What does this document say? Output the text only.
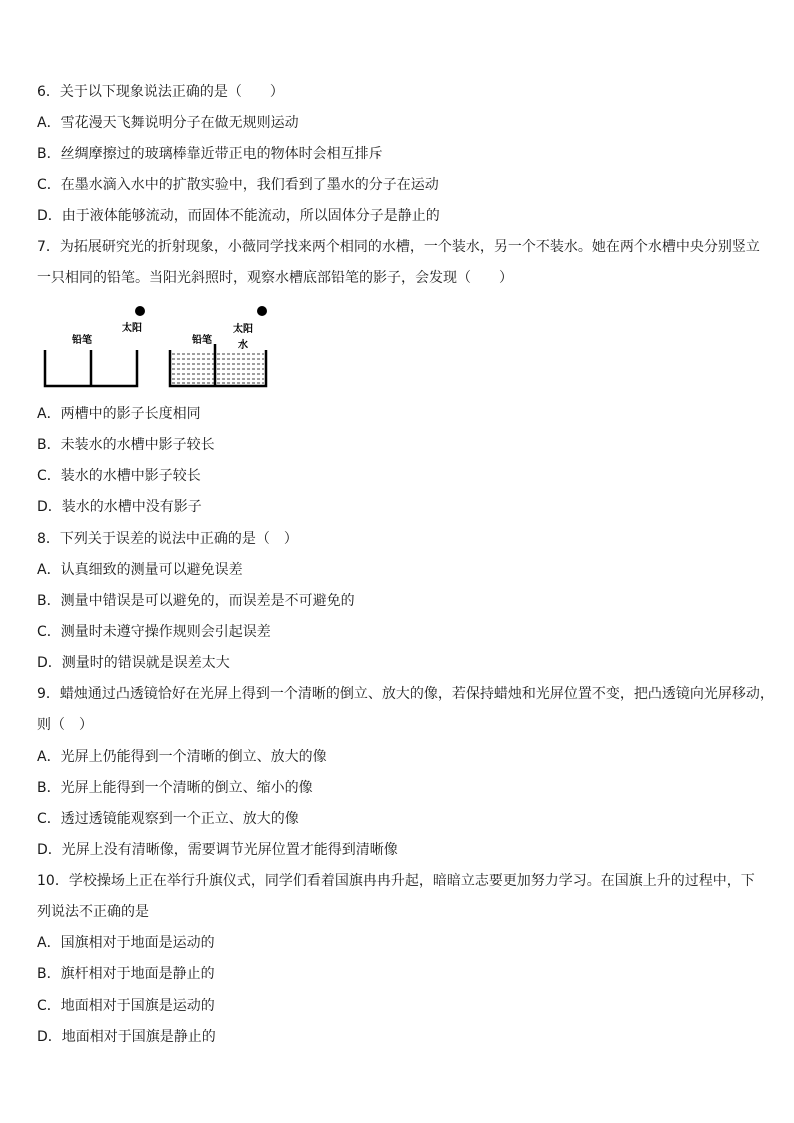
6．关于以下现象说法正确的是（　　）
A．雪花漫天飞舞说明分子在做无规则运动
B．丝绸摩擦过的玻璃棒靠近带正电的物体时会相互排斥
C．在墨水滴入水中的扩散实验中，我们看到了墨水的分子在运动
D．由于液体能够流动，而固体不能流动，所以固体分子是静止的
7．为拓展研究光的折射现象，小薇同学找来两个相同的水槽，一个装水，另一个不装水。她在两个水槽中央分别竖立
一只相同的铅笔。当阳光斜照时，观察水槽底部铅笔的影子，会发现（　　）
铅笔
太阳
铅笔
太阳
水
A．两槽中的影子长度相同
B．未装水的水槽中影子较长
C．装水的水槽中影子较长
D．装水的水槽中没有影子
8．下列关于误差的说法中正确的是（　）
A．认真细致的测量可以避免误差
B．测量中错误是可以避免的，而误差是不可避免的
C．测量时未遵守操作规则会引起误差
D．测量时的错误就是误差太大
9．蜡烛通过凸透镜恰好在光屏上得到一个清晰的倒立、放大的像，若保持蜡烛和光屏位置不变，把凸透镜向光屏移动，
则（　）
A．光屏上仍能得到一个清晰的倒立、放大的像
B．光屏上能得到一个清晰的倒立、缩小的像
C．透过透镜能观察到一个正立、放大的像
D．光屏上没有清晰像，需要调节光屏位置才能得到清晰像
10．学校操场上正在举行升旗仪式，同学们看着国旗冉冉升起，暗暗立志要更加努力学习。在国旗上升的过程中，下
列说法不正确的是
A．国旗相对于地面是运动的
B．旗杆相对于地面是静止的
C．地面相对于国旗是运动的
D．地面相对于国旗是静止的
